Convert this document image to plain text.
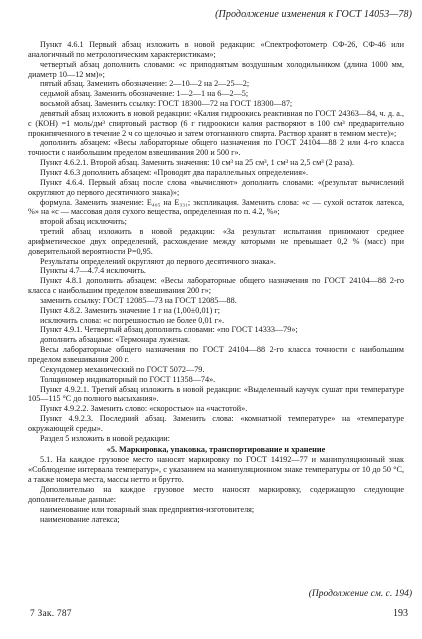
(Продолжение изменения к ГОСТ 14053—78)

Пункт 4.6.1 Первый абзац изложить в новой редакции: «Спектрофотометр СФ-26, СФ-46 или аналогичный по метрологическим характеристикам»;

четвертый абзац дополнить словами: «с приподнятым воздушным холодильником (длина 1000 мм, диаметр 10—12 мм)»;

пятый абзац. Заменить обозначение: 2—10—2 на 2—25—2;

седьмой абзац. Заменить обозначение: 1—2—1 на 6—2—5;

восьмой абзац. Заменить ссылку: ГОСТ 18300—72 на ГОСТ 18300—87;

девятый абзац изложить в новой редакции: «Калия гидроокись реактивная по ГОСТ 24363—84, ч. д. а., с (КОН) =1 моль/дм³ спиртовый раствор (6 г гидроокиси калия растворяют в 100 см³ предварительно прокипяченного в течение 2 ч со щелочью и затем отогнанного спирта. Раствор хранят в темном месте)»;

дополнить абзацем: «Весы лабораторные общего назначения по ГОСТ 24104—88 2 или 4-го класса точности с наибольшим пределом взвешивания 200 и 500 г».

Пункт 4.6.2.1. Второй абзац. Заменить значения: 10 см³ на 25 см³, 1 см³ на 2,5 см³ (2 раза).

Пункт 4.6.3 дополнить абзацем: «Проводят два параллельных определения».

Пункт 4.6.4. Первый абзац после слова «вычисляют» дополнить словами: «(результат вычислений округляют до первого десятичного знака)»;

формула. Заменить значение: E₄₀₅ на E₃₃₁; экспликация. Заменить слова: «с — сухой остаток латекса, %» на «с — массовая доля сухого вещества, определенная по п. 4.2, %»;

второй абзац исключить;

третий абзац изложить в новой редакции: «За результат испытания принимают среднее арифметическое двух определений, расхождение между которыми не превышает 0,2 % (масс) при доверительной вероятности P=0,95.

Результаты определений округляют до первого десятичного знака».

Пункты 4.7—4.7.4 исключить.

Пункт 4.8.1 дополнить абзацем: «Весы лабораторные общего назначения по ГОСТ 24104—88 2-го класса с наибольшим пределом взвешивания 200 г»;

заменить ссылку: ГОСТ 12085—73 на ГОСТ 12085—88.

Пункт 4.8.2. Заменить значение 1 г на (1,00±0,01) г;

исключить слова: «с погрешностью не более 0,01 г».

Пункт 4.9.1. Четвертый абзац дополнить словами: «по ГОСТ 14333—79»;

дополнить абзацами: «Термонара луженая.

Весы лабораторные общего назначения по ГОСТ 24104—88 2-го класса точности с наибольшим пределом взвешивания 200 г.

Секундомер механический по ГОСТ 5072—79.

Толщиномер индикаторный по ГОСТ 11358—74».

Пункт 4.9.2.1. Третий абзац изложить в новой редакции: «Выделенный каучук сушат при температуре 105—115 °С до полного высыхания».

Пункт 4.9.2.2. Заменить слово: «скоростью» на «частотой».

Пункт 4.9.2.3. Последний абзац. Заменить слова: «комнатной температуре» на «температуре окружающей среды».

Раздел 5 изложить в новой редакции:

«5. Маркировка, упаковка, транспортирование и хранение

5.1. На каждое грузовое место наносят маркировку по ГОСТ 14192—77 и манипуляционный знак «Соблюдение интервала температур», с указанием на манипуляционном знаке температуры от 10 до 50 °С, а также номера места, массы нетто и брутто.

Дополнительно на каждое грузовое место наносят маркировку, содержащую следующие дополнительные данные:

наименование или товарный знак предприятия-изготовителя;

наименование латекса;

(Продолжение см. с. 194)
7 Зак. 787	193
